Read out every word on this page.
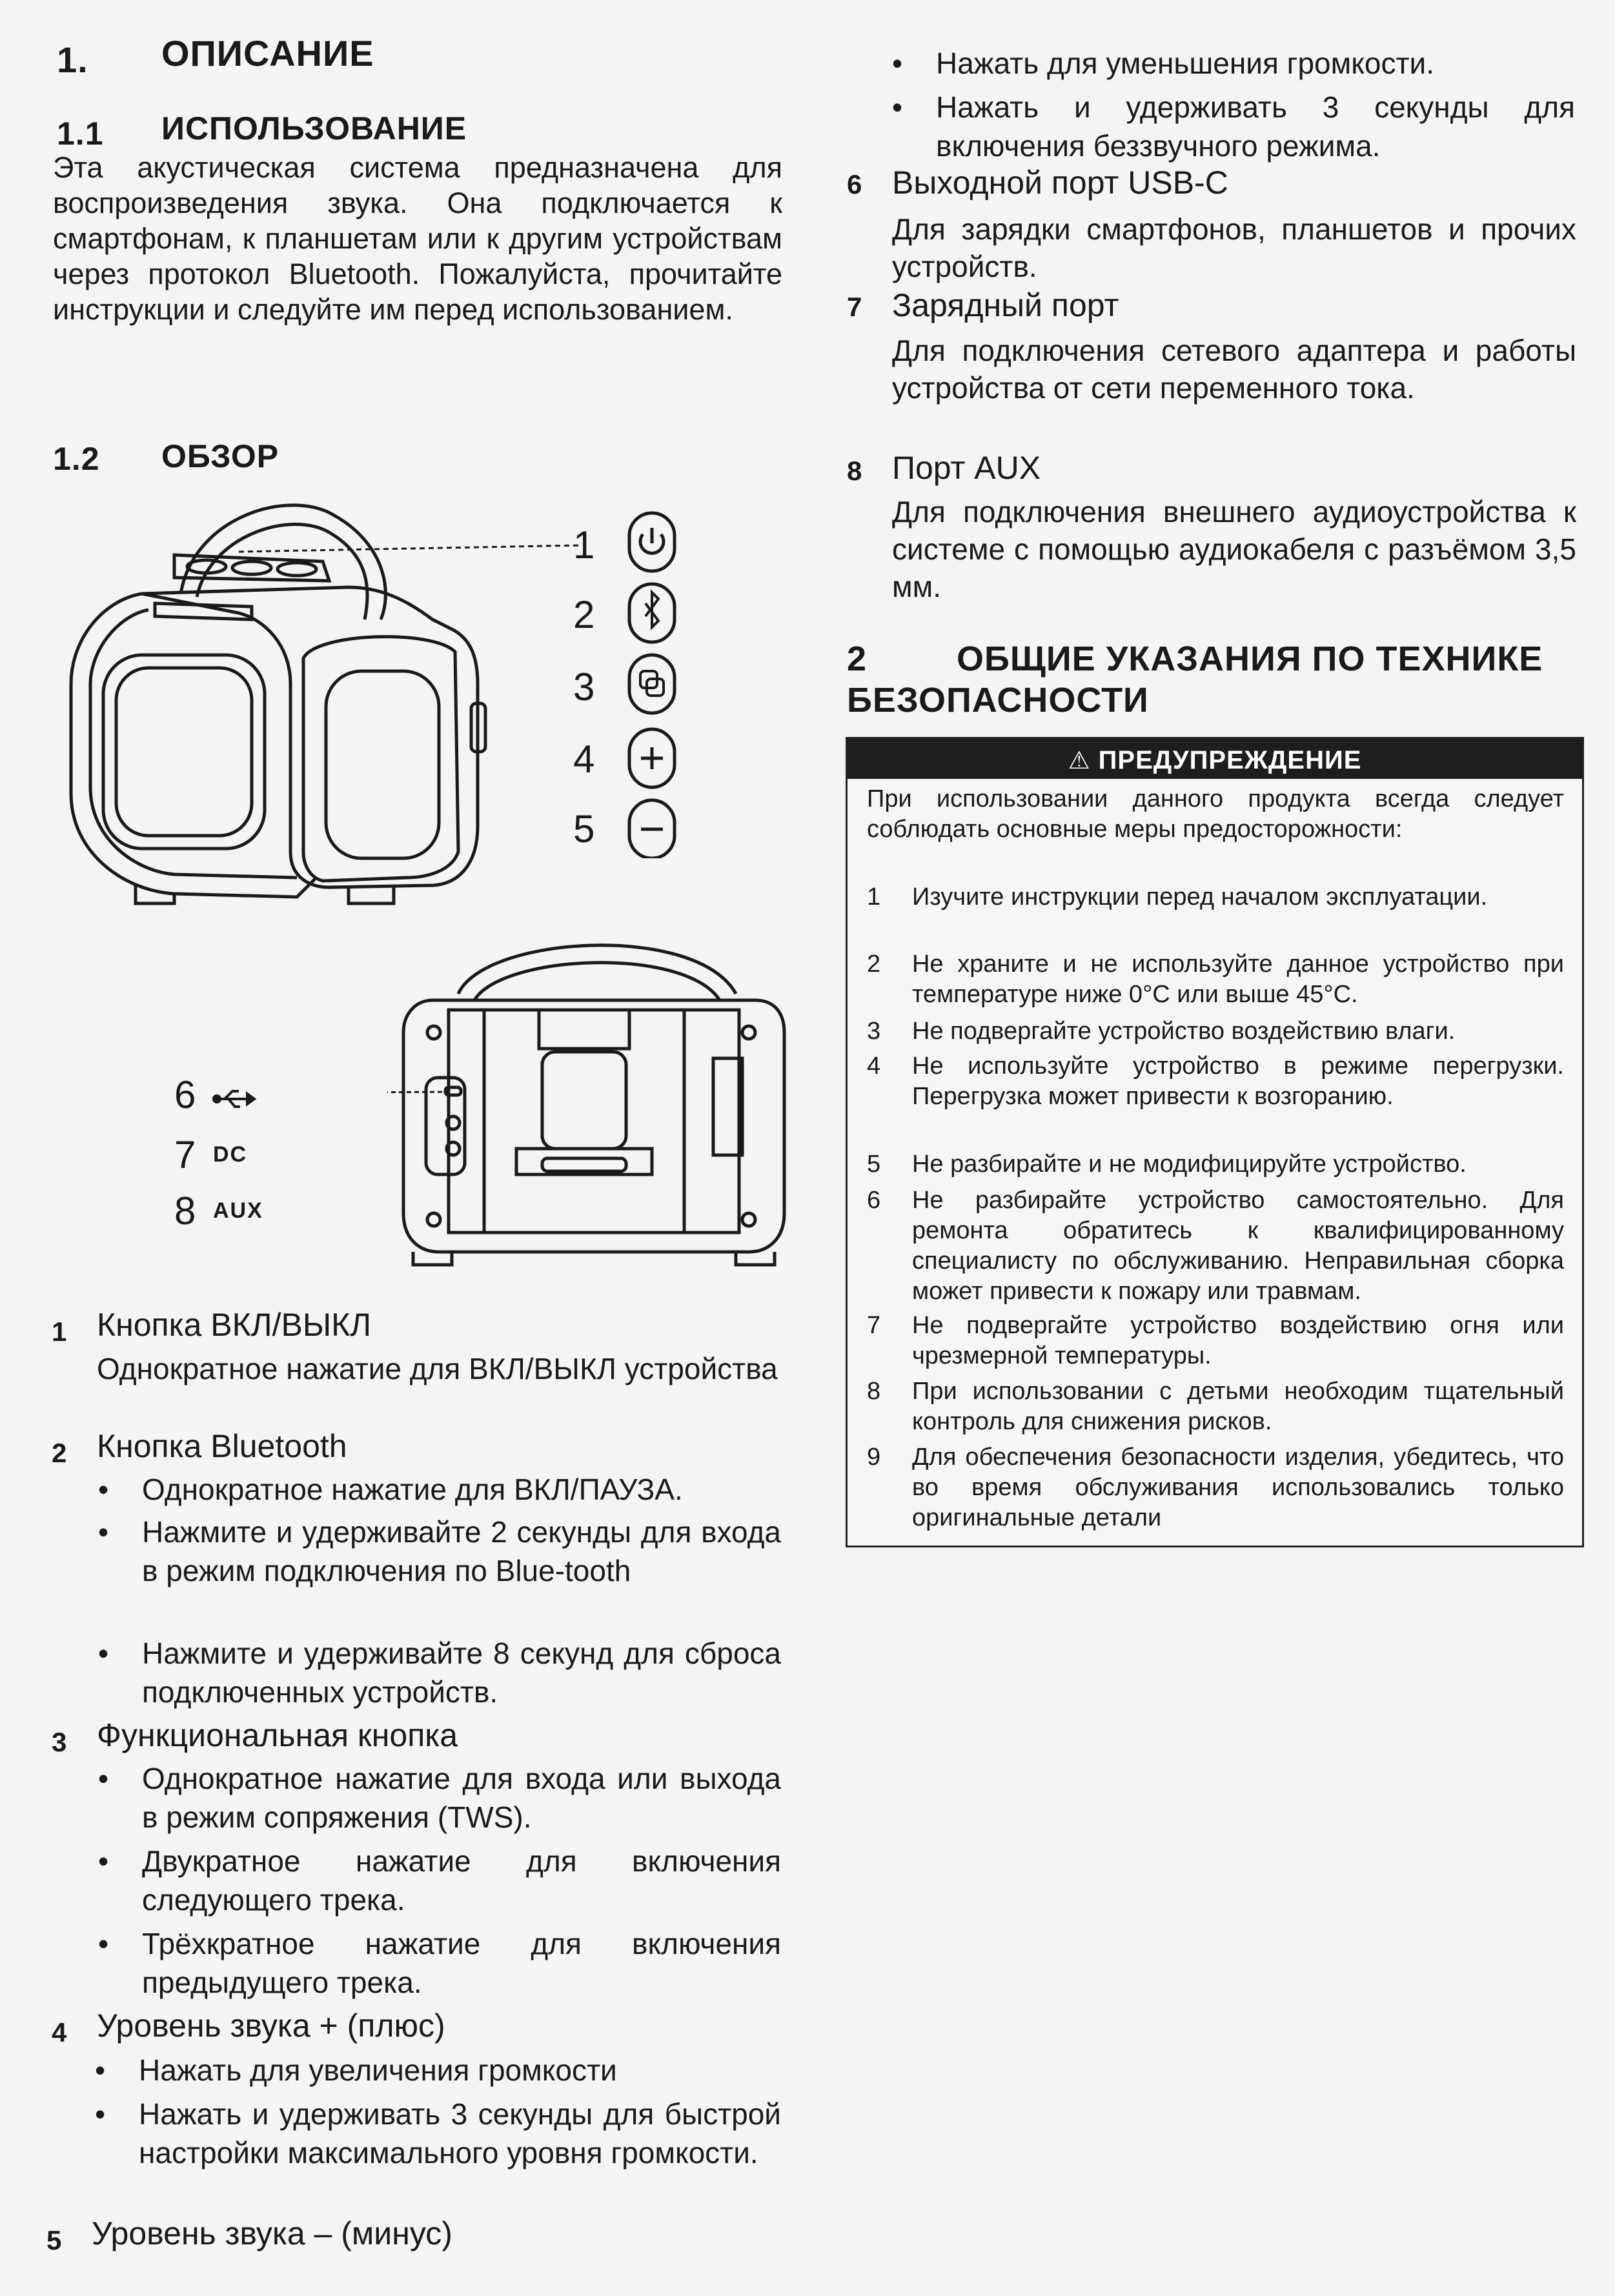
1. ОПИСАНИЕ
1.1 ИСПОЛЬЗОВАНИЕ
Эта акустическая система предназначена для воспроизведения звука. Она подключается к смартфонам, к планшетам или к другим устройствам через протокол Bluetooth. Пожалуйста, прочитайте инструкции и следуйте им перед использованием.
1.2 ОБЗОР
1
2
3
4
5
6
7 DC
8 AUX
1 Кнопка ВКЛ/ВЫКЛ
Однократное нажатие для ВКЛ/ВЫКЛ устройства
2 Кнопка Bluetooth
• Однократное нажатие для ВКЛ/ПАУЗА.
• Нажмите и удерживайте 2 секунды для входа в режим подключения по Blue-tooth
• Нажмите и удерживайте 8 секунд для сброса подключенных устройств.
3 Функциональная кнопка
• Однократное нажатие для входа или выхода в режим сопряжения (TWS).
• Двукратное нажатие для включения следующего трека.
• Трёхкратное нажатие для включения предыдущего трека.
4 Уровень звука + (плюс)
• Нажать для увеличения громкости
• Нажать и удерживать 3 секунды для быстрой настройки максимального уровня громкости.
5 Уровень звука – (минус)
• Нажать для уменьшения громкости.
• Нажать и удерживать 3 секунды для включения беззвучного режима.
6 Выходной порт USB-C
Для зарядки смартфонов, планшетов и прочих устройств.
7 Зарядный порт
Для подключения сетевого адаптера и работы устройства от сети переменного тока.
8 Порт AUX
Для подключения внешнего аудиоустройства к системе с помощью аудиокабеля с разъёмом 3,5 мм.
2	ОБЩИЕ УКАЗАНИЯ ПО ТЕХНИКЕ
БЕЗОПАСНОСТИ
⚠ ПРЕДУПРЕЖДЕНИЕ
При использовании данного продукта всегда следует соблюдать основные меры предосторожности:
1 Изучите инструкции перед началом эксплуатации.
2 Не храните и не используйте данное устройство при температуре ниже 0°C или выше 45°C.
3 Не подвергайте устройство воздействию влаги.
4 Не используйте устройство в режиме перегрузки. Перегрузка может привести к возгоранию.
5 Не разбирайте и не модифицируйте устройство.
6 Не разбирайте устройство самостоятельно. Для ремонта обратитесь к квалифицированному специалисту по обслуживанию. Неправильная сборка может привести к пожару или травмам.
7 Не подвергайте устройство воздействию огня или чрезмерной температуры.
8 При использовании с детьми необходим тщательный контроль для снижения рисков.
9 Для обеспечения безопасности изделия, убедитесь, что во время обслуживания использовались только оригинальные детали
